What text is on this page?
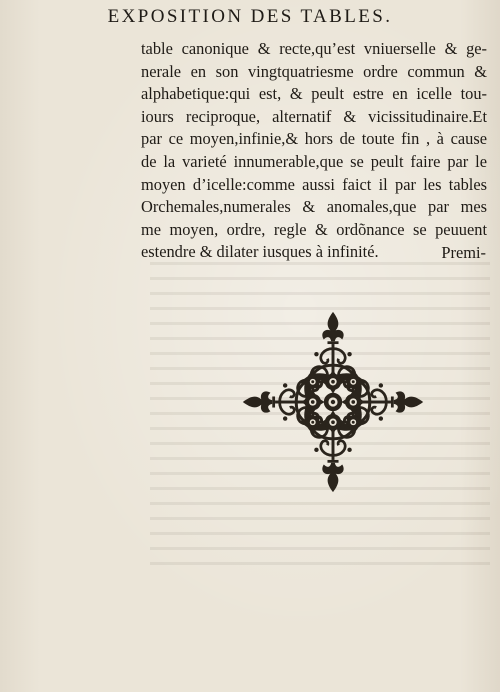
EXPOSITION DES TABLES.
table canonique & recte,qu’est vniuerselle & ge-
nerale en son vingtquatriesme ordre commun &
alphabetique:qui est, & peult estre en icelle tou-
iours reciproque, alternatif & vicissitudinaire.Et
par ce moyen,infinie,& hors de toute fin , à cause
de la varieté innumerable,que se peult faire par le
moyen d’icelle:comme aussi faict il par les tables
Orchemales,numerales & anomales,que par mes
me moyen, ordre, regle & ordõnance se peuuent
estendre & dilater iusques à infinité.	Premi-
